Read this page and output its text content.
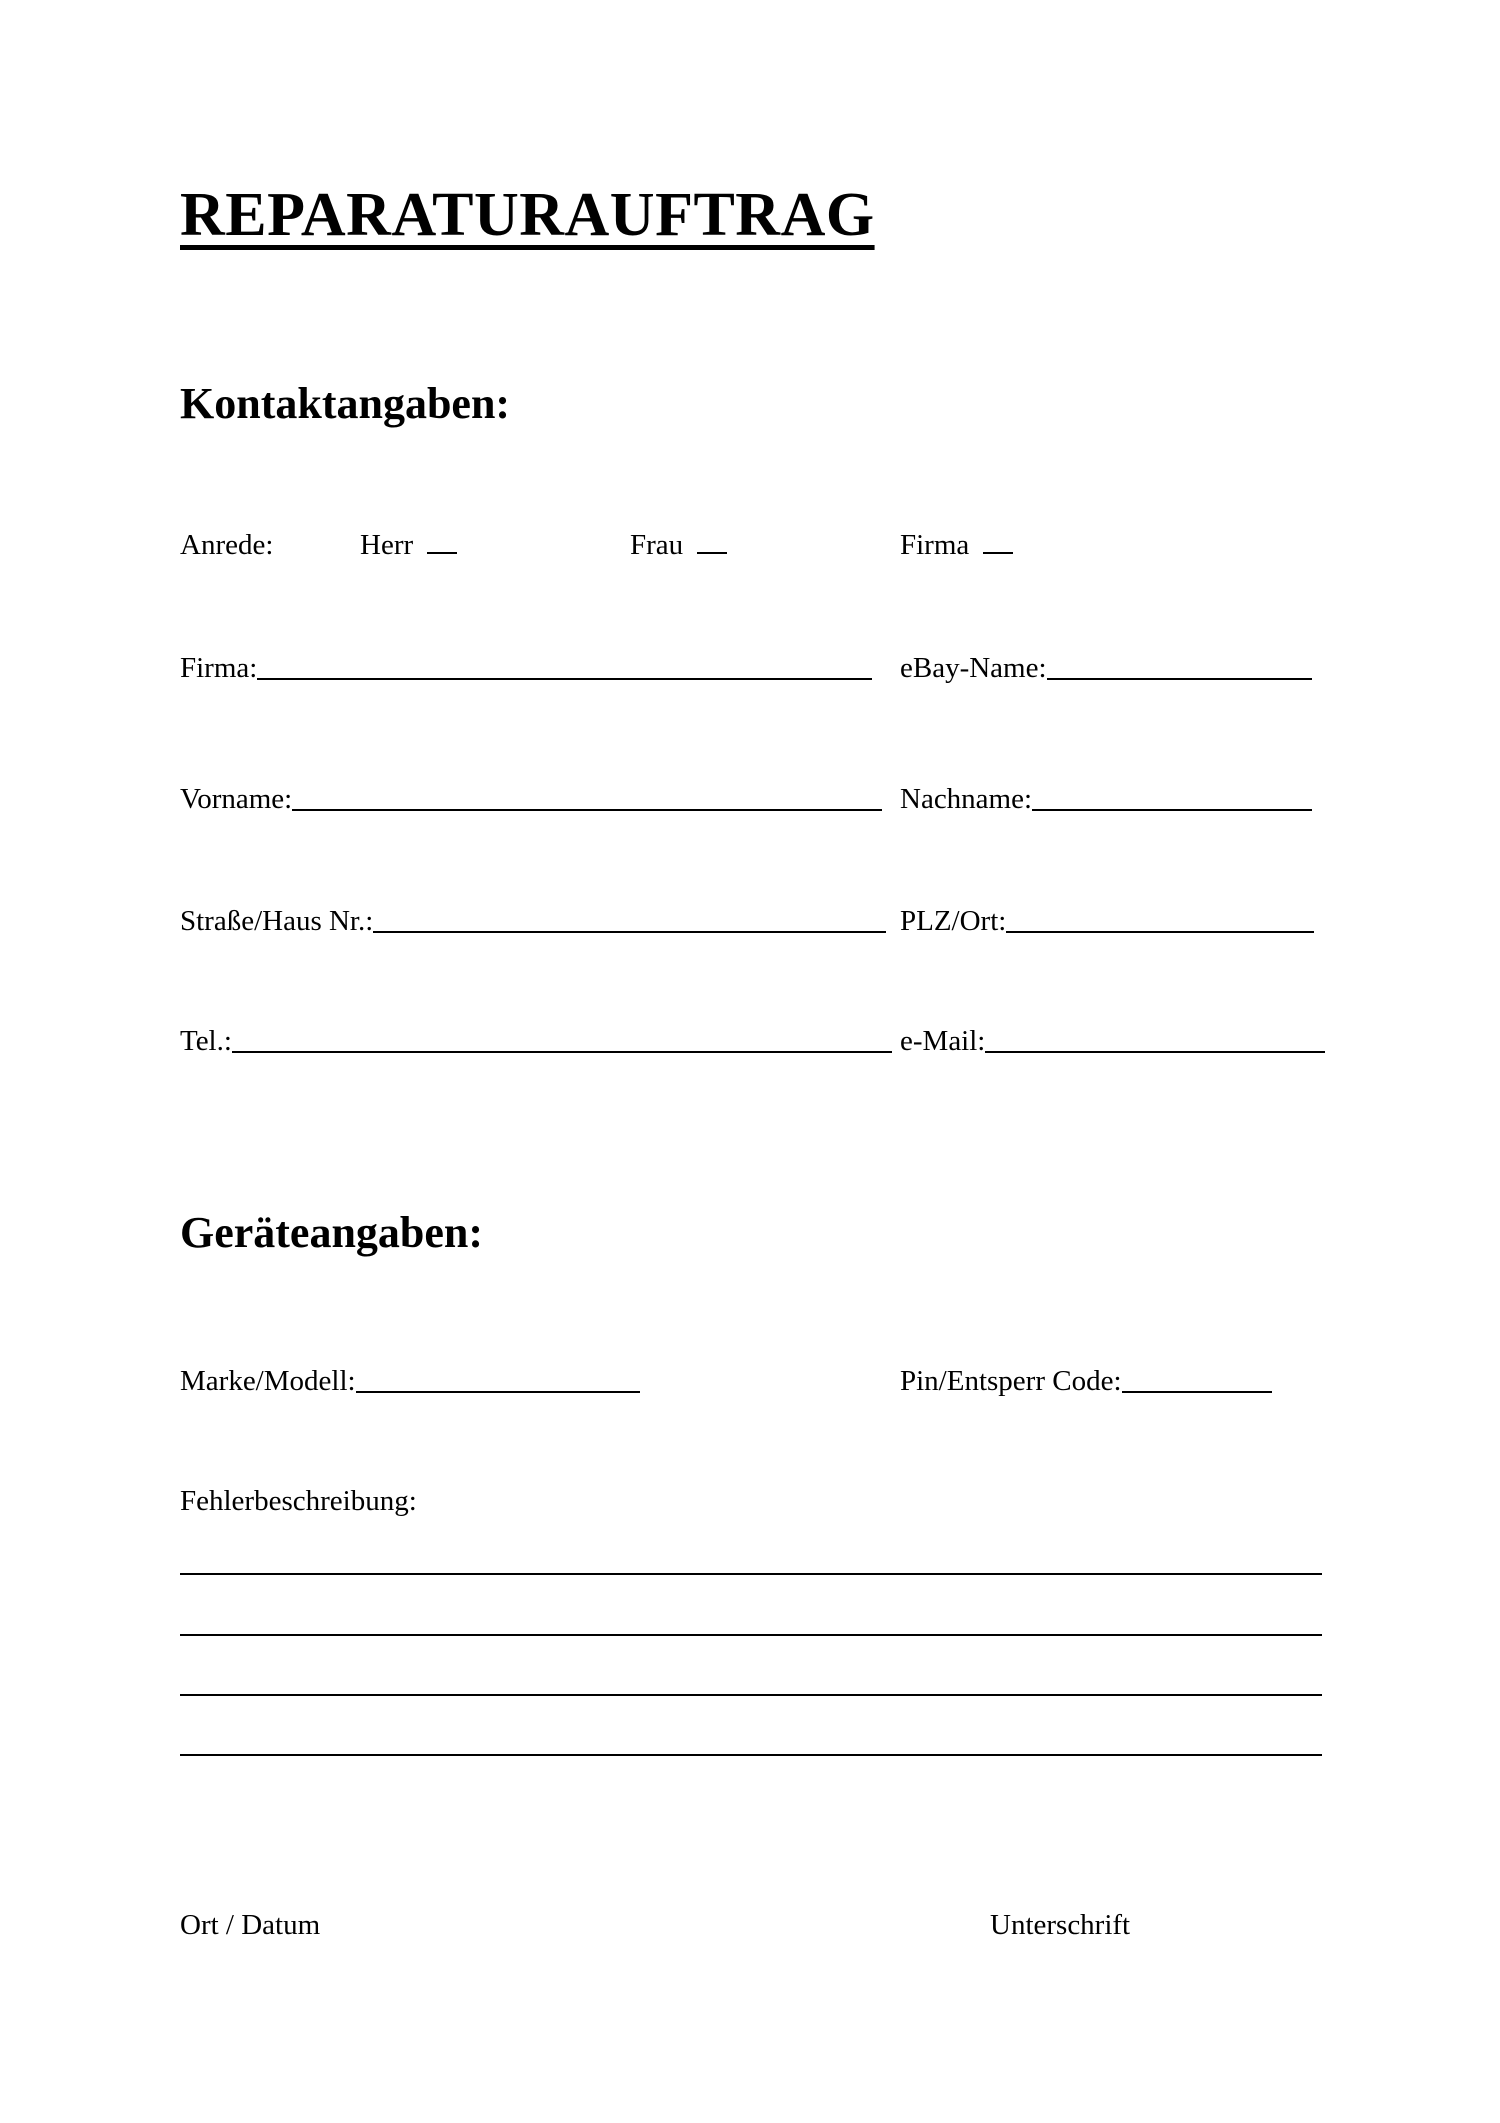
REPARATURAUFTRAG
Kontaktangaben:
Anrede:	Herr	Frau	Firma
Firma:	eBay-Name:
Vorname:	Nachname:
Straße/Haus Nr.:	PLZ/Ort:
Tel.:	e-Mail:
Geräteangaben:
Marke/Modell:	Pin/Entsperr Code:
Fehlerbeschreibung:
Ort / Datum	Unterschrift
